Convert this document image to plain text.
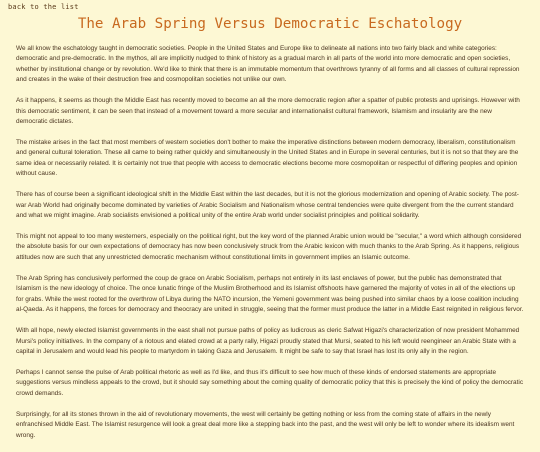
back to the list
The Arab Spring Versus Democratic Eschatology

We all know the eschatology taught in democratic societies. People in the United States and Europe like to delineate all nations into two fairly black and white categories: democratic and pre-democratic. In the mythos, all are implicitly nudged to think of history as a gradual march in all parts of the world into more democratic and open societies, whether by institutional change or by revolution. We'd like to think that there is an immutable momentum that overthrows tyranny of all forms and all classes of cultural repression and creates in the wake of their destruction free and cosmopolitan societies not unlike our own.

As it happens, it seems as though the Middle East has recently moved to become an all the more democratic region after a spatter of public protests and uprisings. However with this democratic sentiment, it can be seen that instead of a movement toward a more secular and internationalist cultural framework, Islamism and insularity are the new democratic dictates.

The mistake arises in the fact that most members of western societies don't bother to make the imperative distinctions between modern democracy, liberalism, constitutionalism and general cultural toleration. These all came to being rather quickly and simultaneously in the United States and in Europe in several centuries, but it is not so that they are the same idea or necessarily related. It is certainly not true that people with access to democratic elections become more cosmopolitan or respectful of differing peoples and opinion without cause.

There has of course been a significant ideological shift in the Middle East within the last decades, but it is not the glorious modernization and opening of Arabic society. The post-war Arab World had originally become dominated by varieties of Arabic Socialism and Nationalism whose central tendencies were quite divergent from the the current standard and what we might imagine. Arab socialists envisioned a political unity of the entire Arab world under socialist principles and political solidarity.

This might not appeal to too many westerners, especially on the political right, but the key word of the planned Arabic union would be "secular," a word which although considered the absolute basis for our own expectations of democracy has now been conclusively struck from the Arabic lexicon with much thanks to the Arab Spring. As it happens, religious attitudes now are such that any unrestricted democratic mechanism without constitutional limits in government implies an Islamic outcome.

The Arab Spring has conclusively performed the coup de grace on Arabic Socialism, perhaps not entirely in its last enclaves of power, but the public has demonstrated that Islamism is the new ideology of choice. The once lunatic fringe of the Muslim Brotherhood and its Islamist offshoots have garnered the majority of votes in all of the elections up for grabs. While the west rooted for the overthrow of Libya during the NATO incursion, the Yemeni government was being pushed into similar chaos by a loose coalition including al-Qaeda. As it happens, the forces for democracy and theocracy are united in struggle, seeing that the former must produce the latter in a Middle East reignited in religious fervor.

With all hope, newly elected Islamist governments in the east shall not pursue paths of policy as ludicrous as cleric Safwat Higazi's characterization of now president Mohammed Mursi's policy initiatives. In the company of a riotous and elated crowd at a party rally, Higazi proudly stated that Mursi, seated to his left would reengineer an Arabic State with a capital in Jerusalem and would lead his people to martyrdom in taking Gaza and Jerusalem. It might be safe to say that Israel has lost its only ally in the region.

Perhaps I cannot sense the pulse of Arab political rhetoric as well as I'd like, and thus it's difficult to see how much of these kinds of endorsed statements are appropriate suggestions versus mindless appeals to the crowd, but it should say something about the coming quality of democratic policy that this is precisely the kind of policy the democratic crowd demands.

Surprisingly, for all its stones thrown in the aid of revolutionary movements, the west will certainly be getting nothing or less from the coming state of affairs in the newly enfranchised Middle East. The Islamist resurgence will look a great deal more like a stepping back into the past, and the west will only be left to wonder where its idealism went wrong.
